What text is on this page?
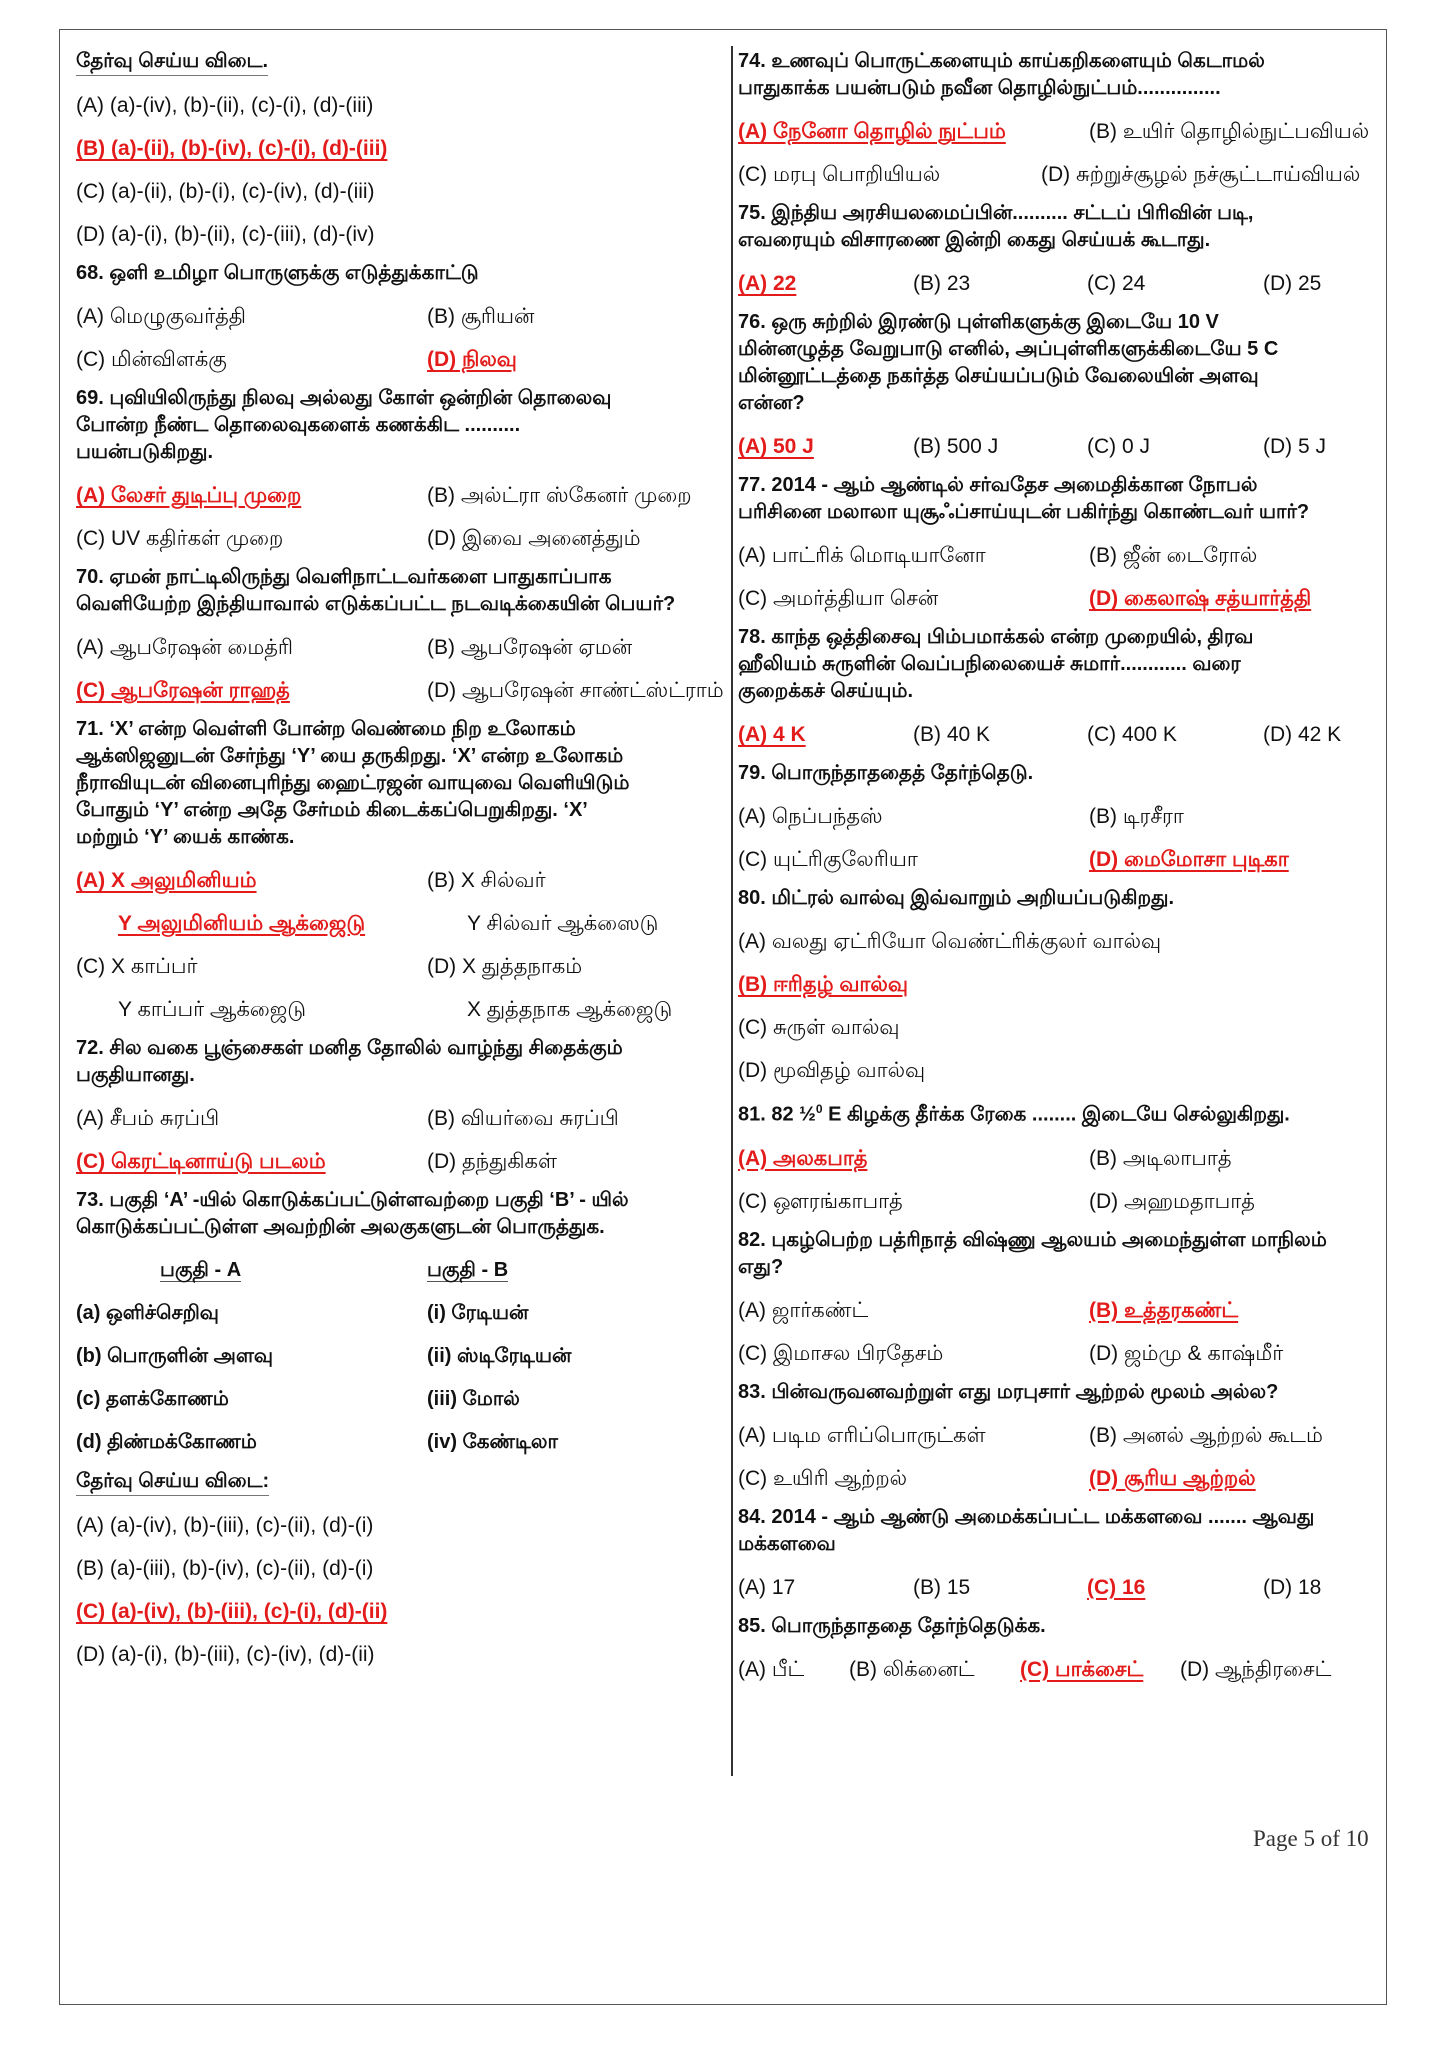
தேர்வு செய்ய விடை.
(A) (a)-(iv), (b)-(ii), (c)-(i), (d)-(iii)
(B) (a)-(ii), (b)-(iv), (c)-(i), (d)-(iii)
(C) (a)-(ii), (b)-(i), (c)-(iv), (d)-(iii)
(D) (a)-(i), (b)-(ii), (c)-(iii), (d)-(iv)
68. ஒளி உமிழா பொருளுக்கு எடுத்துக்காட்டு
(A) மெழுகுவர்த்தி	(B) சூரியன்
(C) மின்விளக்கு	(D) நிலவு
69. புவியிலிருந்து நிலவு அல்லது கோள் ஒன்றின் தொலைவு
போன்ற நீண்ட தொலைவுகளைக் கணக்கிட ..........
பயன்படுகிறது.
(A) லேசர் துடிப்பு முறை	(B) அல்ட்ரா ஸ்கேனர் முறை
(C) UV கதிர்கள் முறை	(D) இவை அனைத்தும்
70. ஏமன் நாட்டிலிருந்து வெளிநாட்டவர்களை பாதுகாப்பாக
வெளியேற்ற இந்தியாவால் எடுக்கப்பட்ட நடவடிக்கையின் பெயர்?
(A) ஆபரேஷன் மைத்ரி	(B) ஆபரேஷன் ஏமன்
(C) ஆபரேஷன் ராஹத்	(D) ஆபரேஷன் சாண்ட்ஸ்ட்ராம்
71. ‘X’ என்ற வெள்ளி போன்ற வெண்மை நிற உலோகம்
ஆக்ஸிஜனுடன் சேர்ந்து ‘Y’ யை தருகிறது. ‘X’ என்ற உலோகம்
நீராவியுடன் வினைபுரிந்து ஹைட்ரஜன் வாயுவை வெளியிடும்
போதும் ‘Y’ என்ற அதே சேர்மம் கிடைக்கப்பெறுகிறது. ‘X’
மற்றும் ‘Y’ யைக் காண்க.
(A) X அலுமினியம்	(B) X சில்வர்
Y அலுமினியம் ஆக்ஜைடு	Y சில்வர் ஆக்ஸைடு
(C) X காப்பர்	(D) X துத்தநாகம்
Y காப்பர் ஆக்ஜைடு	X துத்தநாக ஆக்ஜைடு
72. சில வகை பூஞ்சைகள் மனித தோலில் வாழ்ந்து சிதைக்கும்
பகுதியானது.
(A) சீபம் சுரப்பி	(B) வியர்வை சுரப்பி
(C) கெரட்டினாய்டு படலம்	(D) தந்துகிகள்
73. பகுதி ‘A’ -யில் கொடுக்கப்பட்டுள்ளவற்றை பகுதி ‘B’ - யில்
கொடுக்கப்பட்டுள்ள அவற்றின் அலகுகளுடன் பொருத்துக.
பகுதி - A	பகுதி - B
(a) ஒளிச்செறிவு	(i) ரேடியன்
(b) பொருளின் அளவு	(ii) ஸ்டிரேடியன்
(c) தளக்கோணம்	(iii) மோல்
(d) திண்மக்கோணம்	(iv) கேண்டிலா
தேர்வு செய்ய விடை:
(A) (a)-(iv), (b)-(iii), (c)-(ii), (d)-(i)
(B) (a)-(iii), (b)-(iv), (c)-(ii), (d)-(i)
(C) (a)-(iv), (b)-(iii), (c)-(i), (d)-(ii)
(D) (a)-(i), (b)-(iii), (c)-(iv), (d)-(ii)
74. உணவுப் பொருட்களையும் காய்கறிகளையும் கெடாமல்
பாதுகாக்க பயன்படும் நவீன தொழில்நுட்பம்...............
(A) நேனோ தொழில் நுட்பம்	(B) உயிர் தொழில்நுட்பவியல்
(C) மரபு பொறியியல்	(D) சுற்றுச்சூழல் நச்சூட்டாய்வியல்
75. இந்திய அரசியலமைப்பின்.......... சட்டப் பிரிவின் படி,
எவரையும் விசாரணை இன்றி கைது செய்யக் கூடாது.
(A) 22	(B) 23	(C) 24	(D) 25
76. ஒரு சுற்றில் இரண்டு புள்ளிகளுக்கு இடையே 10 V
மின்னழுத்த வேறுபாடு எனில், அப்புள்ளிகளுக்கிடையே 5 C
மின்னூட்டத்தை நகர்த்த செய்யப்படும் வேலையின் அளவு
என்ன?
(A) 50 J	(B) 500 J	(C) 0 J	(D) 5 J
77. 2014 - ஆம் ஆண்டில் சர்வதேச அமைதிக்கான நோபல்
பரிசினை மலாலா யுசூஃப்சாய்யுடன் பகிர்ந்து கொண்டவர் யார்?
(A) பாட்ரிக் மொடியானோ	(B) ஜீன் டைரோல்
(C) அமர்த்தியா சென்	(D) கைலாஷ் சத்யார்த்தி
78. காந்த ஒத்திசைவு பிம்பமாக்கல் என்ற முறையில், திரவ
ஹீலியம் சுருளின் வெப்பநிலையைச் சுமார்............ வரை
குறைக்கச் செய்யும்.
(A) 4 K	(B) 40 K	(C) 400 K	(D) 42 K
79. பொருந்தாததைத் தேர்ந்தெடு.
(A) நெப்பந்தஸ்	(B) டிரசீரா
(C) யுட்ரிகுலேரியா	(D) மைமோசா புடிகா
80. மிட்ரல் வால்வு இவ்வாறும் அறியப்படுகிறது.
(A) வலது ஏட்ரியோ வெண்ட்ரிக்குலர் வால்வு
(B) ஈரிதழ் வால்வு
(C) சுருள் வால்வு
(D) மூவிதழ் வால்வு
81. 82 ½$^0$ E கிழக்கு தீர்க்க ரேகை ........ இடையே செல்லுகிறது.
(A) அலகபாத்	(B) அடிலாபாத்
(C) ஔரங்காபாத்	(D) அஹமதாபாத்
82. புகழ்பெற்ற பத்ரிநாத் விஷ்ணு ஆலயம் அமைந்துள்ள மாநிலம்
எது?
(A) ஜார்கண்ட்	(B) உத்தரகண்ட்
(C) இமாசல பிரதேசம்	(D) ஜம்மு & காஷ்மீர்
83. பின்வருவனவற்றுள் எது மரபுசார் ஆற்றல் மூலம் அல்ல?
(A) படிம எரிப்பொருட்கள்	(B) அனல் ஆற்றல் கூடம்
(C) உயிரி ஆற்றல்	(D) சூரிய ஆற்றல்
84. 2014 - ஆம் ஆண்டு அமைக்கப்பட்ட மக்களவை ....... ஆவது
மக்களவை
(A) 17	(B) 15	(C) 16	(D) 18
85. பொருந்தாததை தேர்ந்தெடுக்க.
(A) பீட் (B) லிக்னைட் (C) பாக்சைட் (D) ஆந்திரசைட்
Page 5 of 10
